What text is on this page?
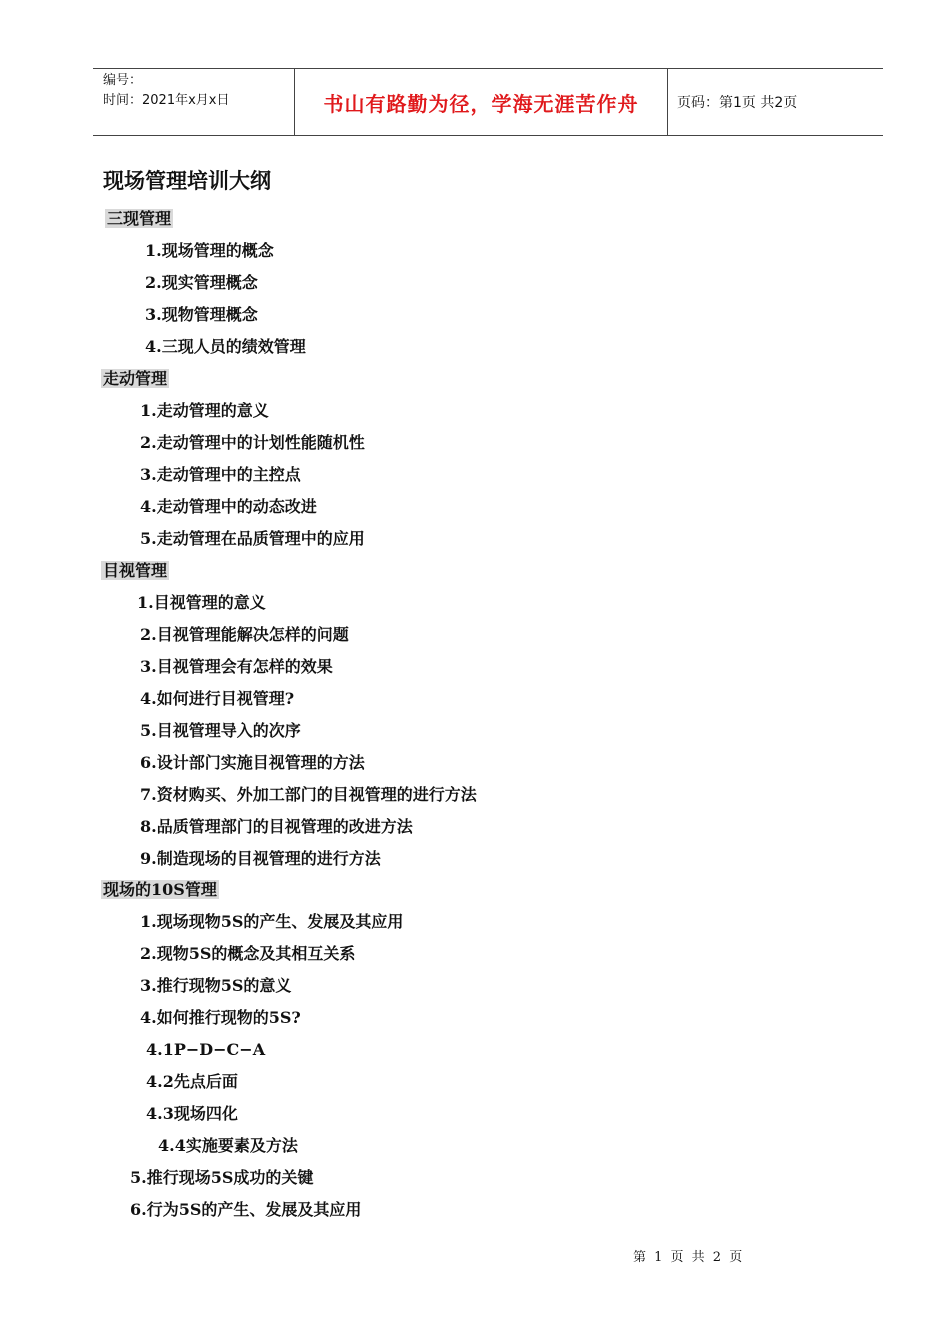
编号：
时间：2021年x月x日	书山有路勤为径，学海无涯苦作舟	页码：第1页 共2页
现场管理培训大纲
三现管理
1.现场管理的概念
2.现实管理概念
3.现物管理概念
4.三现人员的绩效管理
走动管理
1.走动管理的意义
2.走动管理中的计划性能随机性
3.走动管理中的主控点
4.走动管理中的动态改进
5.走动管理在品质管理中的应用
目视管理
1.目视管理的意义
2.目视管理能解决怎样的问题
3.目视管理会有怎样的效果
4.如何进行目视管理?
5.目视管理导入的次序
6.设计部门实施目视管理的方法
7.资材购买、外加工部门的目视管理的进行方法
8.品质管理部门的目视管理的改进方法
9.制造现场的目视管理的进行方法
现场的10S管理
1.现场现物5S的产生、发展及其应用
2.现物5S的概念及其相互关系
3.推行现物5S的意义
4.如何推行现物的5S?
4.1P−D−C−A
4.2先点后面
4.3现场四化
4.4实施要素及方法
5.推行现场5S成功的关键
6.行为5S的产生、发展及其应用
第 1 页 共 2 页
